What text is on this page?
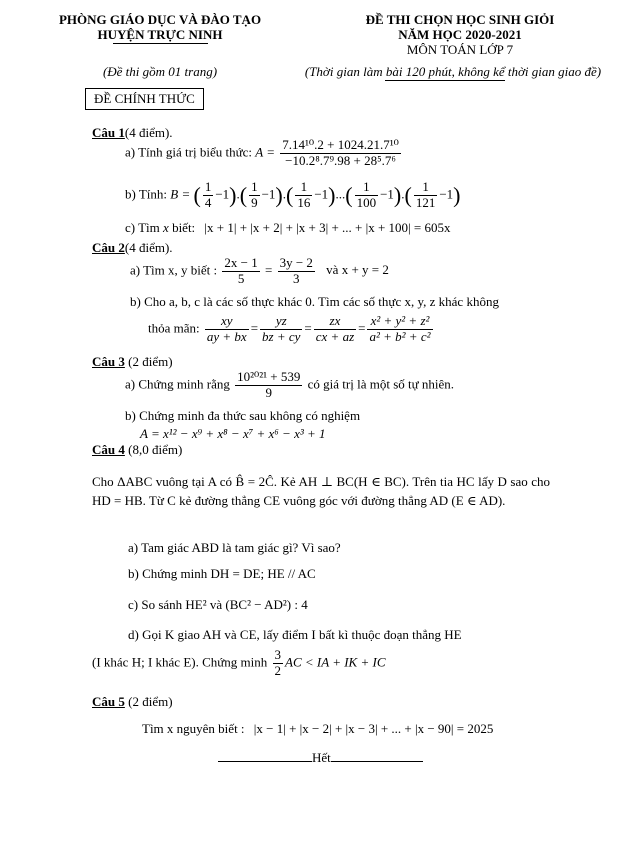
PHÒNG GIÁO DỤC VÀ ĐÀO TẠO
HUYỆN TRỰC NINH
ĐỀ THI CHỌN HỌC SINH GIỎI
NĂM HỌC 2020-2021
MÔN TOÁN LỚP 7
(Đề thi gồm 01 trang)	(Thời gian làm bài 120 phút, không kể thời gian giao đề)
ĐỀ CHÍNH THỨC
Câu 1(4 điểm).
a) Tính giá trị biểu thức: $A = \frac{\text{7.14¹⁰.2 + 1024.21.7¹⁰}}{\text{−10.2⁸.7⁹.98 + 28⁵.7⁶}}$
b) Tính: B = ( $\frac{1}{4} -1).( \frac{1}{9} -1).( \frac{1}{16} -1)...( \frac{1}{100} -1).( \frac{1}{121} -1)$
c) Tìm x biết: |x + 1| + |x + 2| + |x + 3| + ... + |x + 100| = 605x
Câu 2(4 điểm).
a) Tìm x, y biết : $\frac{2x - 1}{5} = \frac{3y - 2}{3}$ và x + y = 2
b) Cho a, b, c là các số thực khác 0. Tìm các số thực x, y, z khác không
thỏa mãn: $\frac{xy}{ay + bx} = \frac{yz}{bz + cy} = \frac{zx}{cx + az} = \frac{\text{x² + y² + z²}}{\text{a² + b² + c²}}$
Câu 3 (2 điểm)
a) Chứng minh rằng $\frac{\text{10²⁰²¹ + 539}}{9}$ có giá trị là một số tự nhiên.
b) Chứng minh đa thức sau không có nghiệm
A = x¹² − x⁹ + x⁸ − x⁷ + x⁶ − x³ + 1
Câu 4 (8,0 điểm)
Cho ΔABC vuông tại A có B̂ = 2Ĉ. Kẻ AH ⊥ BC(H ∈ BC). Trên tia HC lấy D sao cho HD = HB. Từ C kẻ đường thẳng CE vuông góc với đường thẳng AD (E ∈ AD).
a) Tam giác ABD là tam giác gì? Vì sao?
b) Chứng minh DH = DE; HE // AC
c) So sánh HE² và (BC² − AD²) : 4
d) Gọi K giao AH và CE, lấy điểm I bất kì thuộc đoạn thẳng HE
(I khác H; I khác E). Chứng minh $\frac{3}{2}$ AC < IA + IK + IC
Câu 5 (2 điểm)
Tìm x nguyên biết : |x − 1| + |x − 2| + |x − 3| + ... + |x − 90| = 2025
Hết
